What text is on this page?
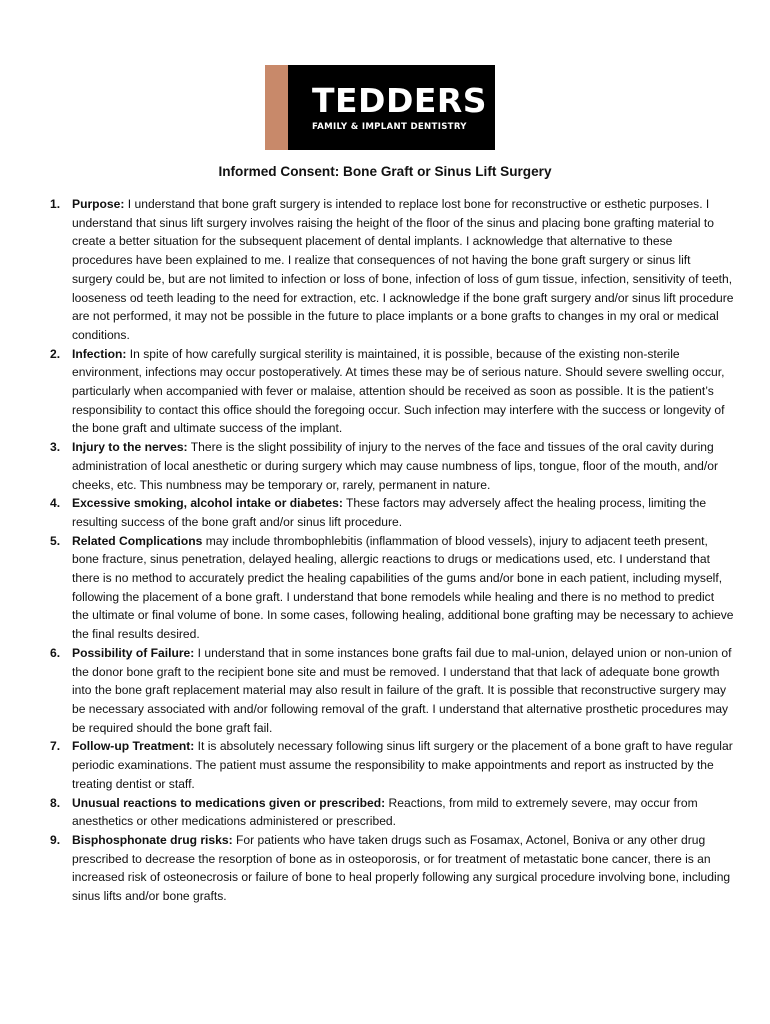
TEDDERS
FAMILY & IMPLANT DENTISTRY
Informed Consent: Bone Graft or Sinus Lift Surgery
1. Purpose: I understand that bone graft surgery is intended to replace lost bone for reconstructive or esthetic purposes. I understand that sinus lift surgery involves raising the height of the floor of the sinus and placing bone grafting material to create a better situation for the subsequent placement of dental implants. I acknowledge that alternative to these procedures have been explained to me. I realize that consequences of not having the bone graft surgery or sinus lift surgery could be, but are not limited to infection or loss of bone, infection of loss of gum tissue, infection, sensitivity of teeth, looseness od teeth leading to the need for extraction, etc. I acknowledge if the bone graft surgery and/or sinus lift procedure are not performed, it may not be possible in the future to place implants or a bone grafts to changes in my oral or medical conditions.
2. Infection: In spite of how carefully surgical sterility is maintained, it is possible, because of the existing non-sterile environment, infections may occur postoperatively. At times these may be of serious nature. Should severe swelling occur, particularly when accompanied with fever or malaise, attention should be received as soon as possible. It is the patient’s responsibility to contact this office should the foregoing occur. Such infection may interfere with the success or longevity of the bone graft and ultimate success of the implant.
3. Injury to the nerves: There is the slight possibility of injury to the nerves of the face and tissues of the oral cavity during administration of local anesthetic or during surgery which may cause numbness of lips, tongue, floor of the mouth, and/or cheeks, etc. This numbness may be temporary or, rarely, permanent in nature.
4. Excessive smoking, alcohol intake or diabetes: These factors may adversely affect the healing process, limiting the resulting success of the bone graft and/or sinus lift procedure.
5. Related Complications may include thrombophlebitis (inflammation of blood vessels), injury to adjacent teeth present, bone fracture, sinus penetration, delayed healing, allergic reactions to drugs or medications used, etc. I understand that there is no method to accurately predict the healing capabilities of the gums and/or bone in each patient, including myself, following the placement of a bone graft. I understand that bone remodels while healing and there is no method to predict the ultimate or final volume of bone. In some cases, following healing, additional bone grafting may be necessary to achieve the final results desired.
6. Possibility of Failure: I understand that in some instances bone grafts fail due to mal-union, delayed union or non-union of the donor bone graft to the recipient bone site and must be removed. I understand that that lack of adequate bone growth into the bone graft replacement material may also result in failure of the graft. It is possible that reconstructive surgery may be necessary associated with and/or following removal of the graft. I understand that alternative prosthetic procedures may be required should the bone graft fail.
7. Follow-up Treatment: It is absolutely necessary following sinus lift surgery or the placement of a bone graft to have regular periodic examinations. The patient must assume the responsibility to make appointments and report as instructed by the treating dentist or staff.
8. Unusual reactions to medications given or prescribed: Reactions, from mild to extremely severe, may occur from anesthetics or other medications administered or prescribed.
9. Bisphosphonate drug risks: For patients who have taken drugs such as Fosamax, Actonel, Boniva or any other drug prescribed to decrease the resorption of bone as in osteoporosis, or for treatment of metastatic bone cancer, there is an increased risk of osteonecrosis or failure of bone to heal properly following any surgical procedure involving bone, including sinus lifts and/or bone grafts.
